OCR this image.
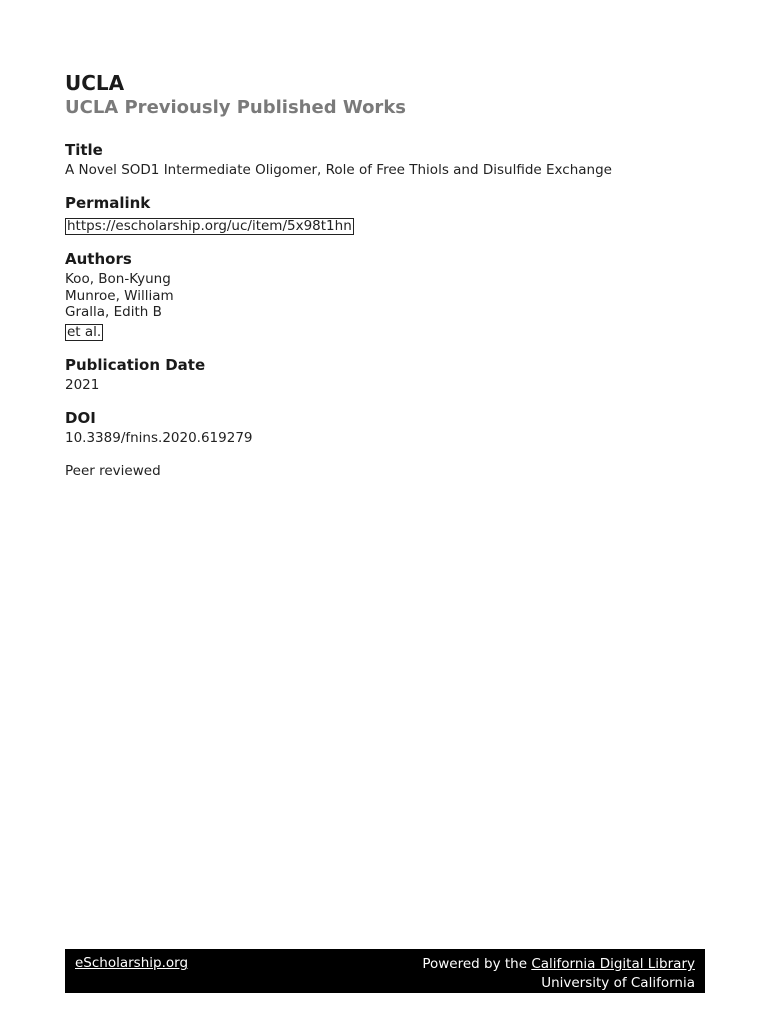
UCLA
UCLA Previously Published Works
Title
A Novel SOD1 Intermediate Oligomer, Role of Free Thiols and Disulfide Exchange
Permalink
https://escholarship.org/uc/item/5x98t1hn
Authors
Koo, Bon-Kyung
Munroe, William
Gralla, Edith B
et al.
Publication Date
2021
DOI
10.3389/fnins.2020.619279
Peer reviewed
eScholarship.org	Powered by the California Digital Library
University of California
